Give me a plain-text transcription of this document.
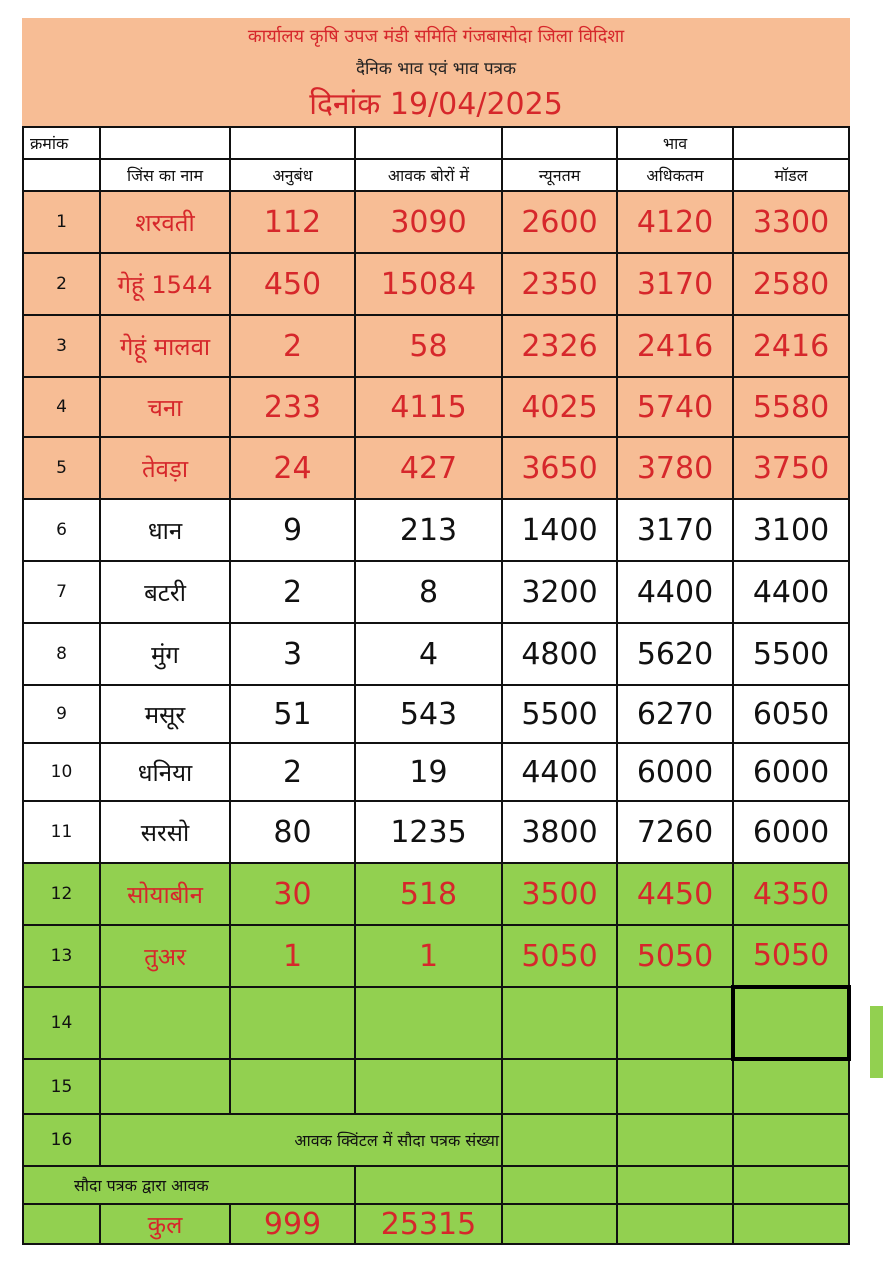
कार्यालय कृषि उपज मंडी समिति गंजबासोदा जिला विदिशा
दैनिक भाव एवं भाव पत्रक
दिनांक 19/04/2025
क्रमांक					भाव	
	जिंस का नाम	अनुबंध	आवक बोरों में	न्यूनतम	अधिकतम	मॉडल
1	शरवती	112	3090	2600	4120	3300
2	गेहूं 1544	450	15084	2350	3170	2580
3	गेहूं मालवा	2	58	2326	2416	2416
4	चना	233	4115	4025	5740	5580
5	तेवड़ा	24	427	3650	3780	3750
6	धान	9	213	1400	3170	3100
7	बटरी	2	8	3200	4400	4400
8	मुंग	3	4	4800	5620	5500
9	मसूर	51	543	5500	6270	6050
10	धनिया	2	19	4400	6000	6000
11	सरसो	80	1235	3800	7260	6000
12	सोयाबीन	30	518	3500	4450	4350
13	तुअर	1	1	5050	5050	5050
14						
15						
16	आवक क्विंटल में सौदा पत्रक संख्या					
सौदा पत्रक द्वारा आवक						
	कुल	999	25315			
